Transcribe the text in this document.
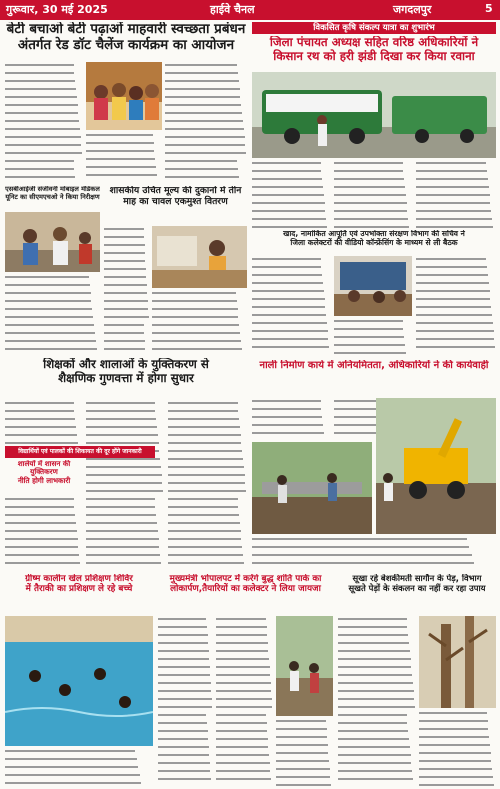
गुरूवार, 30 मई 2025	हाईवे चैनल	जगदलपुर	5
बेटी बचाओ बेटी पढ़ाओं माहवारी स्वच्छता प्रबंधन
अंतर्गत रेड डॉट चैलेंज कार्यक्रम का आयोजन
विकसित कृषि संकल्प यात्रा का शुभारंभ
जिला पंचायत अध्यक्ष सहित वरिष्ठ अधिकारियों ने
किसान रथ को हरी झंडी दिखा कर किया रवाना
एसबीआईजी संजीवनी मोबाइल मेडिकल
यूनिट का सीएमएचओ ने किया निरीक्षण
शासकीय उचित मूल्य की दुकानों में तीन
माह का चावल एकमुश्त वितरण
खाद, नामांकित आपूर्ति एवं उपभोक्ता संरक्षण विभाग की सचिव ने
जिला कलेक्टरों की वीडियो कॉन्फ्रेंसिंग के माध्यम से ली बैठक
शिक्षकों और शालाओं के युक्तिकरण से
शैक्षणिक गुणवत्ता में होगा सुधार
नाली निर्माण कार्य में अनियमितता, अधिकारियों ने की कार्यवाही
विद्यार्थियों एवं पालकों की शिकायत की दूर होंगे जानकारी
शालेयों में शासन की युक्तिकरण
नीति होगी लाभकारी
ग्रीष्म कालीन खेल प्रशिक्षण शिविर
में तैराकी का प्रशिक्षण ले रहे बच्चे
मुख्यमंत्री भोपालपट में करेंगे बुद्ध शांति पार्क का
लोकार्पण,तैयारियों का कलेक्टर ने लिया जायजा
सूखा रहे बेशकीमती सागौन के पेड़, विभाग
सूखते पेड़ों के संकलन का नहीं कर रहा उपाय
